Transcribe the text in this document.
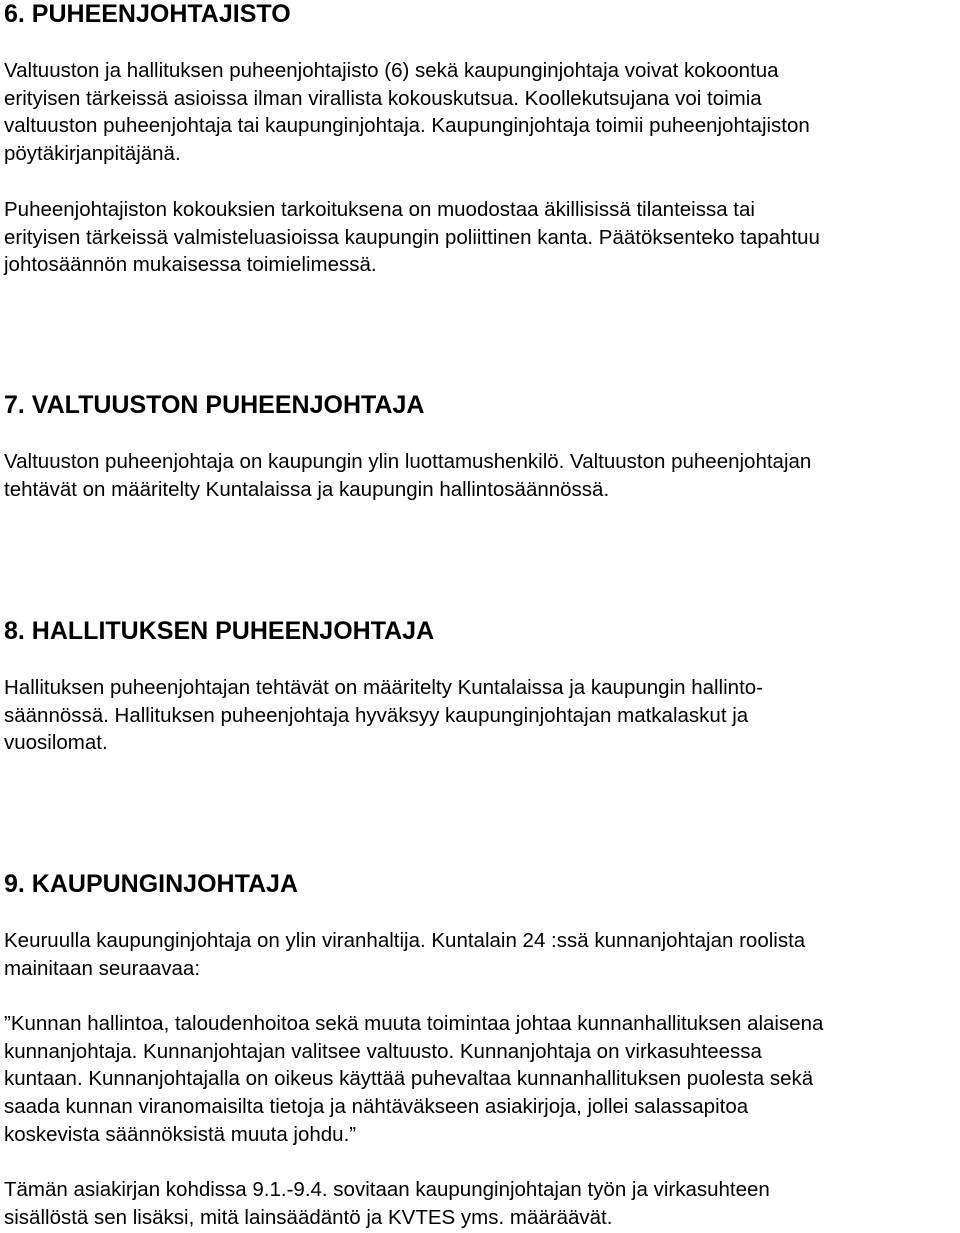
6. PUHEENJOHTAJISTO

Valtuuston ja hallituksen puheenjohtajisto (6) sekä kaupunginjohtaja voivat kokoontua
erityisen tärkeissä asioissa ilman virallista kokouskutsua. Koollekutsujana voi toimia
valtuuston puheenjohtaja tai kaupunginjohtaja. Kaupunginjohtaja toimii puheenjohtajiston
pöytäkirjanpitäjänä.

Puheenjohtajiston kokouksien tarkoituksena on muodostaa äkillisissä tilanteissa tai
erityisen tärkeissä valmisteluasioissa kaupungin poliittinen kanta. Päätöksenteko tapahtuu
johtosäännön mukaisessa toimielimessä.

7. VALTUUSTON PUHEENJOHTAJA

Valtuuston puheenjohtaja on kaupungin ylin luottamushenkilö. Valtuuston puheenjohtajan
tehtävät on määritelty Kuntalaissa ja kaupungin hallintosäännössä.

8. HALLITUKSEN PUHEENJOHTAJA

Hallituksen puheenjohtajan tehtävät on määritelty Kuntalaissa ja kaupungin hallinto-
säännössä. Hallituksen puheenjohtaja hyväksyy kaupunginjohtajan matkalaskut ja
vuosilomat.

9. KAUPUNGINJOHTAJA

Keuruulla kaupunginjohtaja on ylin viranhaltija. Kuntalain 24 :ssä kunnanjohtajan roolista
mainitaan seuraavaa:

”Kunnan hallintoa, taloudenhoitoa sekä muuta toimintaa johtaa kunnanhallituksen alaisena
kunnanjohtaja. Kunnanjohtajan valitsee valtuusto. Kunnanjohtaja on virkasuhteessa
kuntaan. Kunnanjohtajalla on oikeus käyttää puhevaltaa kunnanhallituksen puolesta sekä
saada kunnan viranomaisilta tietoja ja nähtäväkseen asiakirjoja, jollei salassapitoa
koskevista säännöksistä muuta johdu.”

Tämän asiakirjan kohdissa 9.1.-9.4. sovitaan kaupunginjohtajan työn ja virkasuhteen
sisällöstä sen lisäksi, mitä lainsäädäntö ja KVTES yms. määräävät.
